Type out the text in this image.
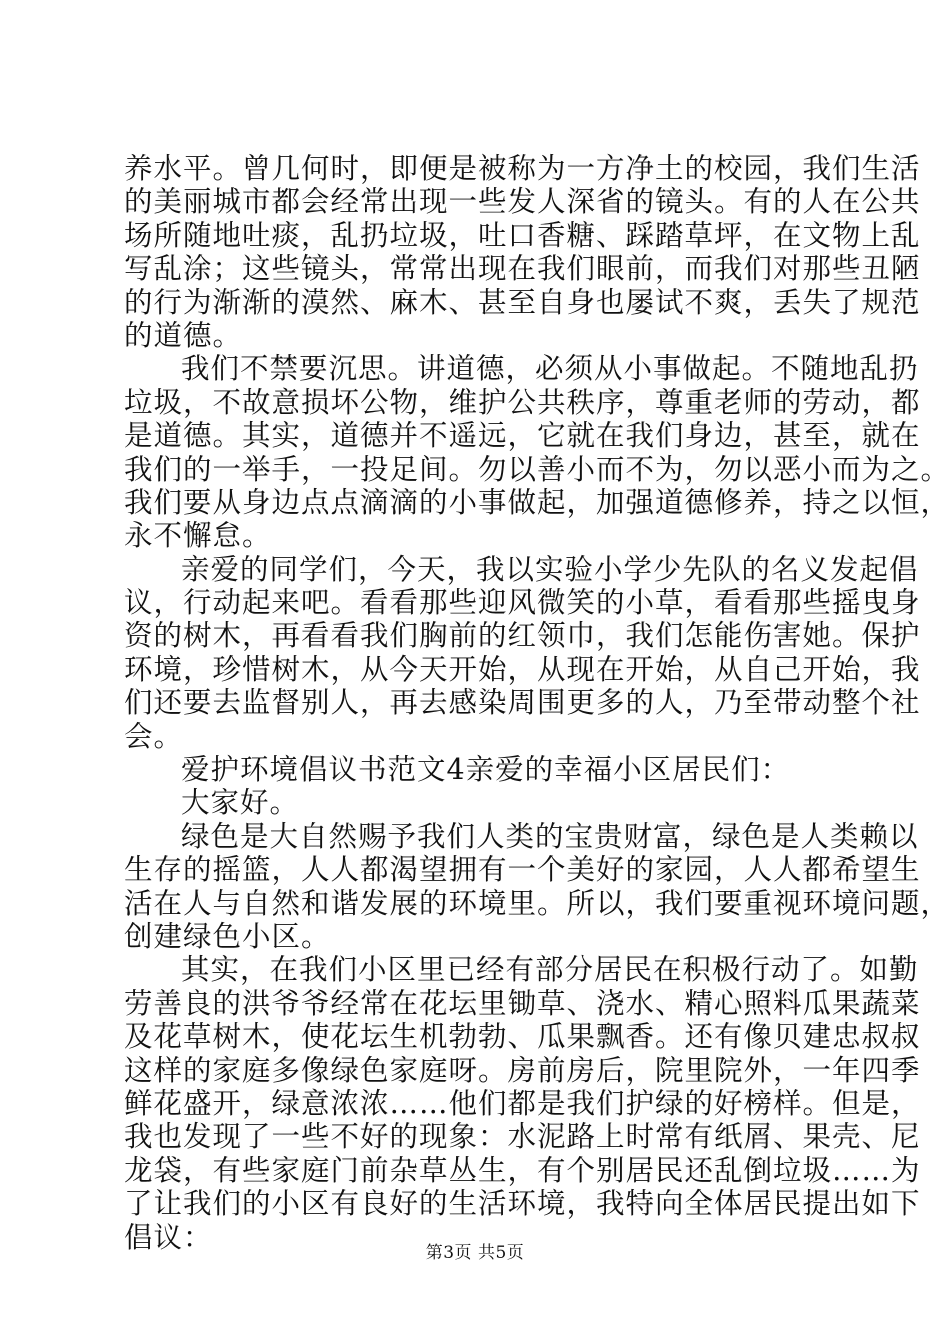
养水平。曾几何时，即便是被称为一方净土的校园，我们生活
的美丽城市都会经常出现一些发人深省的镜头。有的人在公共
场所随地吐痰，乱扔垃圾，吐口香糖、踩踏草坪，在文物上乱
写乱涂；这些镜头，常常出现在我们眼前，而我们对那些丑陋
的行为渐渐的漠然、麻木、甚至自身也屡试不爽，丢失了规范
的道德。
我们不禁要沉思。讲道德，必须从小事做起。不随地乱扔
垃圾，不故意损坏公物，维护公共秩序，尊重老师的劳动，都
是道德。其实，道德并不遥远，它就在我们身边，甚至，就在
我们的一举手，一投足间。勿以善小而不为，勿以恶小而为之。
我们要从身边点点滴滴的小事做起，加强道德修养，持之以恒，
永不懈怠。
亲爱的同学们，今天，我以实验小学少先队的名义发起倡
议，行动起来吧。看看那些迎风微笑的小草，看看那些摇曳身
资的树木，再看看我们胸前的红领巾，我们怎能伤害她。保护
环境，珍惜树木，从今天开始，从现在开始，从自己开始，我
们还要去监督别人，再去感染周围更多的人，乃至带动整个社
会。
爱护环境倡议书范文4亲爱的幸福小区居民们：
大家好。
绿色是大自然赐予我们人类的宝贵财富，绿色是人类赖以
生存的摇篮，人人都渴望拥有一个美好的家园，人人都希望生
活在人与自然和谐发展的环境里。所以，我们要重视环境问题，
创建绿色小区。
其实，在我们小区里已经有部分居民在积极行动了。如勤
劳善良的洪爷爷经常在花坛里锄草、浇水、精心照料瓜果蔬菜
及花草树木，使花坛生机勃勃、瓜果飘香。还有像贝建忠叔叔
这样的家庭多像绿色家庭呀。房前房后，院里院外，一年四季
鲜花盛开，绿意浓浓……他们都是我们护绿的好榜样。但是，
我也发现了一些不好的现象：水泥路上时常有纸屑、果壳、尼
龙袋，有些家庭门前杂草丛生，有个别居民还乱倒垃圾……为
了让我们的小区有良好的生活环境，我特向全体居民提出如下
倡议：	第3页 共5页
